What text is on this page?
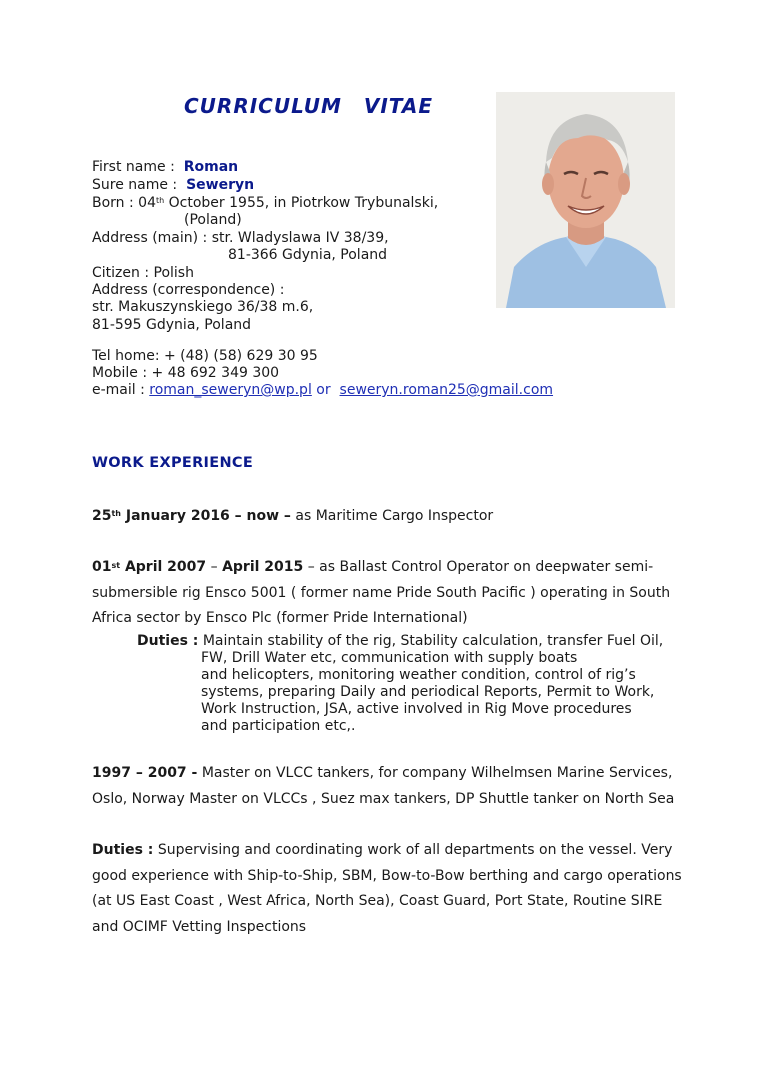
CURRICULUM VITAE
First name : Roman
Sure name : Seweryn
Born : 04th October 1955, in Piotrkow Trybunalski,
(Poland)
Address (main) : str. Wladyslawa IV 38/39,
81-366 Gdynia, Poland
Citizen : Polish
Address (correspondence) :
str. Makuszynskiego 36/38 m.6,
81-595 Gdynia, Poland
Tel home: + (48) (58) 629 30 95
Mobile : + 48 692 349 300
e-mail : roman_seweryn@wp.pl or  seweryn.roman25@gmail.com
WORK EXPERIENCE
25th January 2016 – now – as Maritime Cargo Inspector
01st April 2007 – April 2015 – as Ballast Control Operator on deepwater semi-submersible rig Ensco 5001 ( former name Pride South Pacific ) operating in South Africa sector by Ensco Plc (former Pride International)
Duties : Maintain stability of the rig, Stability calculation, transfer Fuel Oil,
FW, Drill Water etc, communication with supply boats
and helicopters, monitoring weather condition, control of rig’s
systems, preparing Daily and periodical Reports, Permit to Work,
Work Instruction, JSA, active involved in Rig Move procedures
and participation etc,.
1997 – 2007 - Master on VLCC tankers, for company Wilhelmsen Marine Services, Oslo, Norway Master on VLCCs , Suez max tankers, DP Shuttle tanker on North Sea
Duties : Supervising and coordinating work of all departments on the vessel. Very good experience with Ship-to-Ship, SBM, Bow-to-Bow berthing and cargo operations (at US East Coast , West Africa, North Sea), Coast Guard, Port State, Routine SIRE and OCIMF Vetting Inspections
